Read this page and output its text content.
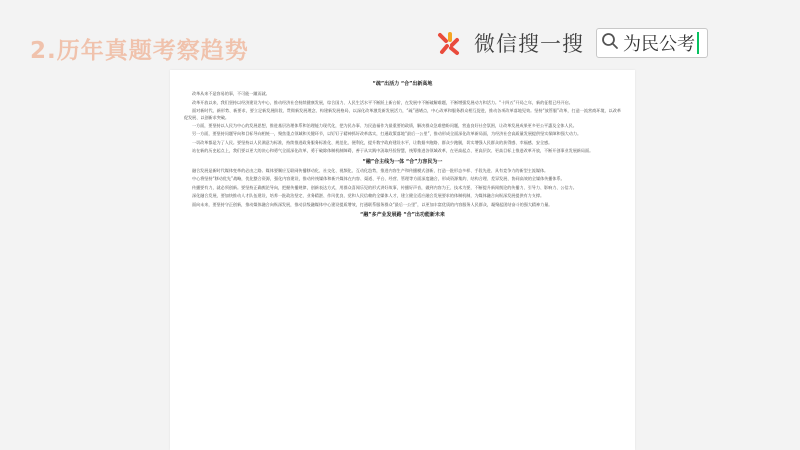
2.历年真题考察趋势	微信搜一搜 为民公考
“疏”出活力 “合”出新高地

改革从来不是容易的事，不可能一蹴而就。

改革开放以来，我们坚持以经济建设为中心，推动经济社会持续健康发展，综合国力、人民生活水平不断跃上新台阶，在发展中不断破解难题，不断增强发展动力和活力。“十四五”开局之年，新的征程已经开启。

面对新时代、新形势、新要求，要立足新发展阶段、贯彻新发展理念、构建新发展格局，以深化改革激发新发展活力，“疏”通堵点，中心改革和服务群众相互促进，推动各项改革落地见效。坚持“放管服”改革，打造一流营商环境，以改革促发展、以创新求突破。

一方面，要坚持以人民为中心的发展思想，推进基层治理体系和治理能力现代化，把为民办事、为民造福作为最重要的政绩，解决群众急难愁盼问题，营造良好社会氛围，让改革发展成果更多更公平惠及全体人民。

另一方面，要坚持问题导向和目标导向相统一，聚焦重点领域和关键环节，以钉钉子精神抓好改革落实，打通政策落地“最后一公里”，推动形成全面深化改革新局面，为经济社会高质量发展提供坚实保障和强大动力。

一切改革都是为了人民。要坚持以人民满意为标准，持续推进政务服务标准化、规范化、便利化，提升数字政府建设水平，让数据多跑路、群众少跑腿，切实增强人民群众的获得感、幸福感、安全感。

站在新的历史起点上，我们要以更大的决心和勇气全面深化改革，勇于破除体制机制障碍，善于从实践中汲取经验智慧，统筹推进各领域改革，在更高起点、更高层次、更高目标上推进改革开放，不断开创事业发展新局面。

“融”合主线为一体 “合”力容民为一

融合发展是新时代媒体变革的必由之路。媒体要顺应互联网传播移动化、社交化、视频化、互动化趋势，推进内容生产和传播模式创新，打造一批形态多样、手段先进、具有竞争力的新型主流媒体。

中心将坚持“移动优先”战略，优化整合资源，强化内容建设，推动传统媒体和新兴媒体在内容、渠道、平台、经营、管理等方面深度融合，形成资源集约、结构合理、差异发展、协同高效的全媒体传播体系。

传播要有力，就必须创新。要坚持正确舆论导向，把握传播规律，创新表达方式，用群众喜闻乐见的形式讲好故事，传播好声音，做到内容为王、技术为要，不断提升新闻舆论的传播力、引导力、影响力、公信力。

深化融合发展，要加快推动人才队伍建设，培养一批政治坚定、业务精湛、作风优良、党和人民信赖的全媒体人才，建立健全适应融合发展要求的体制机制，为媒体融合向纵深发展提供有力支撑。

面向未来，要坚持守正创新，推动媒体融合向纵深发展，推动县级融媒体中心建设提质增效，打通联系服务群众“最后一公里”，以更加丰富优质的内容服务人民群众，凝聚起团结奋斗的强大精神力量。

“融”多产业发展路 “合”出功能新未来
